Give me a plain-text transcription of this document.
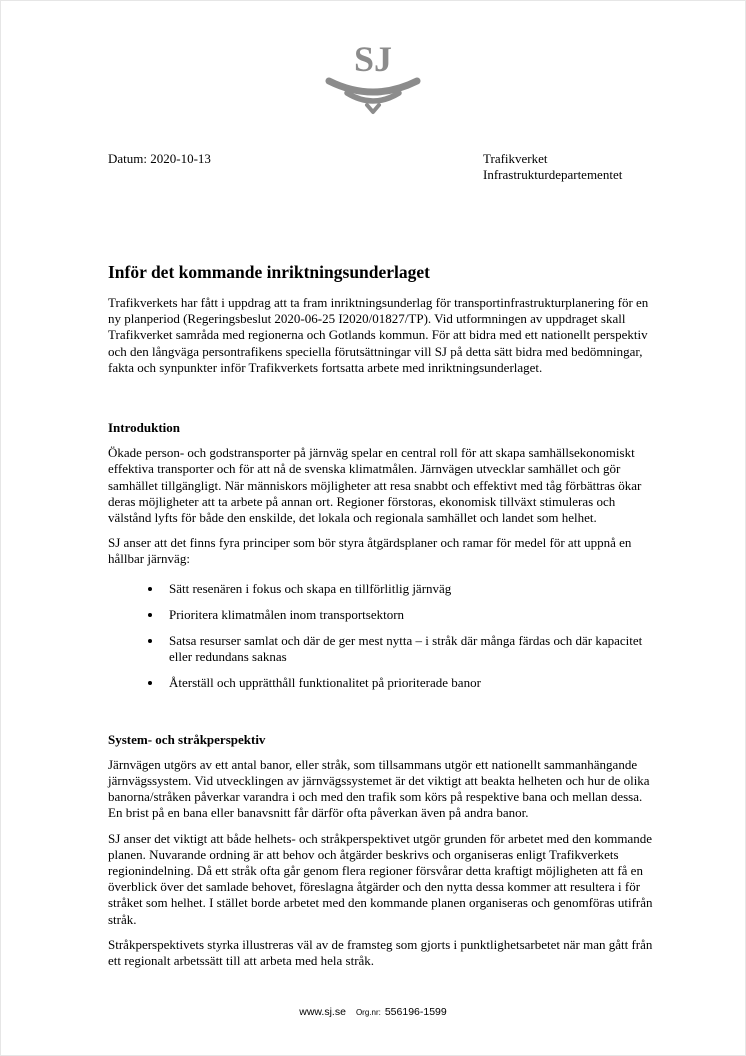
SJ
Datum: 2020-10-13	Trafikverket
Infrastrukturdepartementet
Inför det kommande inriktningsunderlaget

Trafikverkets har fått i uppdrag att ta fram inriktningsunderlag för transportinfrastrukturplanering för en ny planperiod (Regeringsbeslut 2020-06-25 I2020/01827/TP). Vid utformningen av uppdraget skall Trafikverket samråda med regionerna och Gotlands kommun. För att bidra med ett nationellt perspektiv och den långväga persontrafikens speciella förutsättningar vill SJ på detta sätt bidra med bedömningar, fakta och synpunkter inför Trafikverkets fortsatta arbete med inriktningsunderlaget.

Introduktion

Ökade person- och godstransporter på järnväg spelar en central roll för att skapa samhällsekonomiskt effektiva transporter och för att nå de svenska klimatmålen. Järnvägen utvecklar samhället och gör samhället tillgängligt. När människors möjligheter att resa snabbt och effektivt med tåg förbättras ökar deras möjligheter att ta arbete på annan ort. Regioner förstoras, ekonomisk tillväxt stimuleras och välstånd lyfts för både den enskilde, det lokala och regionala samhället och landet som helhet.

SJ anser att det finns fyra principer som bör styra åtgärdsplaner och ramar för medel för att uppnå en hållbar järnväg:

• Sätt resenären i fokus och skapa en tillförlitlig järnväg
• Prioritera klimatmålen inom transportsektorn
• Satsa resurser samlat och där de ger mest nytta – i stråk där många färdas och där kapacitet eller redundans saknas
• Återställ och upprätthåll funktionalitet på prioriterade banor
System- och stråkperspektiv

Järnvägen utgörs av ett antal banor, eller stråk, som tillsammans utgör ett nationellt sammanhängande järnvägssystem. Vid utvecklingen av järnvägssystemet är det viktigt att beakta helheten och hur de olika banorna/stråken påverkar varandra i och med den trafik som körs på respektive bana och mellan dessa. En brist på en bana eller banavsnitt får därför ofta påverkan även på andra banor.

SJ anser det viktigt att både helhets- och stråkperspektivet utgör grunden för arbetet med den kommande planen. Nuvarande ordning är att behov och åtgärder beskrivs och organiseras enligt Trafikverkets regionindelning. Då ett stråk ofta går genom flera regioner försvårar detta kraftigt möjligheten att få en överblick över det samlade behovet, föreslagna åtgärder och den nytta dessa kommer att resultera i för stråket som helhet. I stället borde arbetet med den kommande planen organiseras och genomföras utifrån stråk.

Stråkperspektivets styrka illustreras väl av de framsteg som gjorts i punktlighetsarbetet när man gått från ett regionalt arbetssätt till att arbeta med hela stråk.

www.sj.se Org.nr: 556196-1599
